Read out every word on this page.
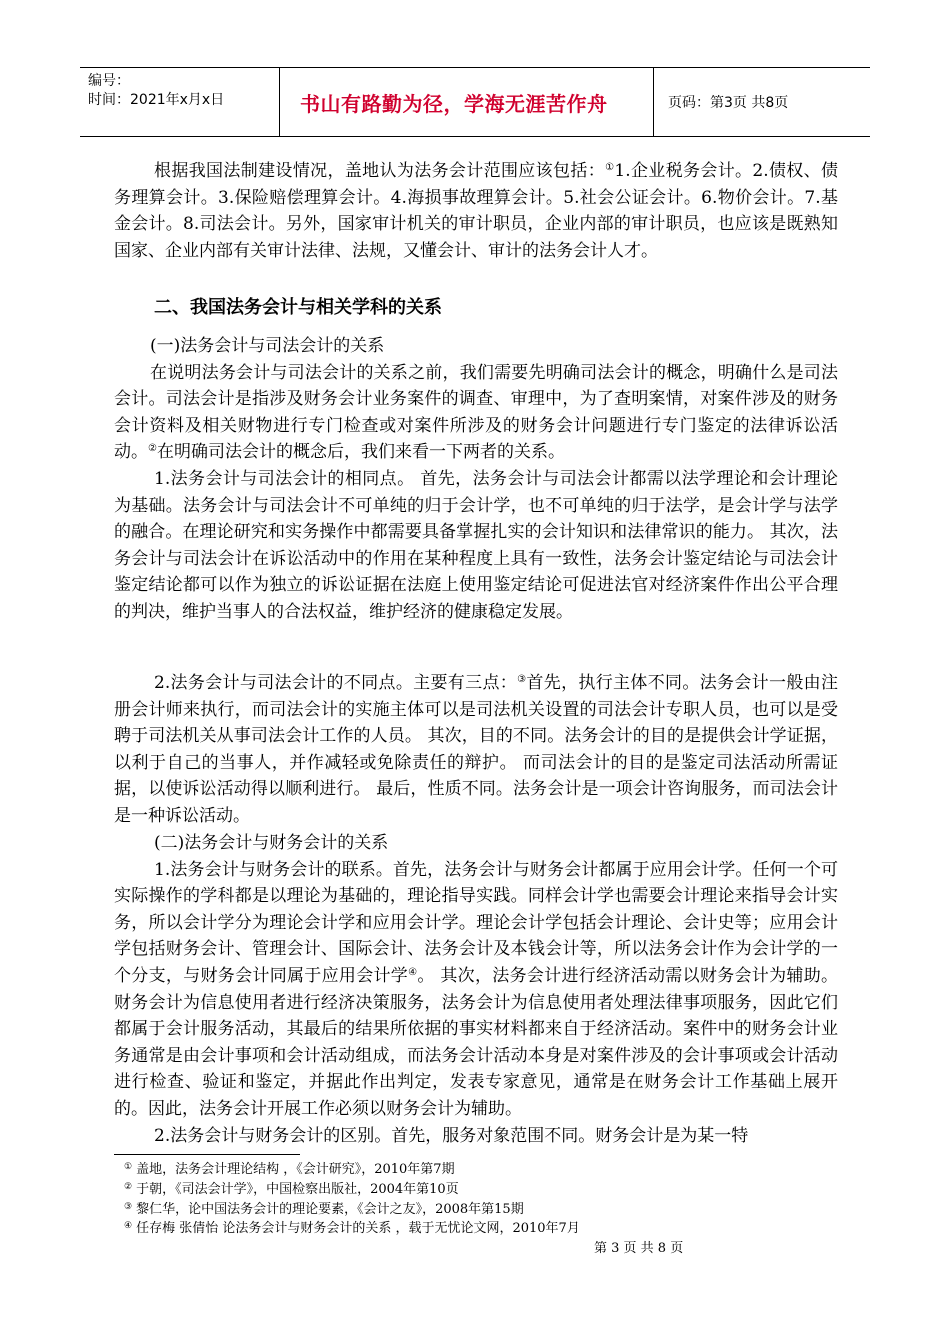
编号：
时间：2021年x月x日	书山有路勤为径，学海无涯苦作舟	页码：第3页 共8页

根据我国法制建设情况，盖地认为法务会计范围应该包括：①1.企业税务会计。2.债权、债务理算会计。3.保险赔偿理算会计。4.海损事故理算会计。5.社会公证会计。6.物价会计。7.基金会计。8.司法会计。另外，国家审计机关的审计职员，企业内部的审计职员，也应该是既熟知国家、企业内部有关审计法律、法规，又懂会计、审计的法务会计人才。

二、我国法务会计与相关学科的关系

(一)法务会计与司法会计的关系

在说明法务会计与司法会计的关系之前，我们需要先明确司法会计的概念，明确什么是司法会计。司法会计是指涉及财务会计业务案件的调查、审理中，为了查明案情，对案件涉及的财务会计资料及相关财物进行专门检查或对案件所涉及的财务会计问题进行专门鉴定的法律诉讼活动。②在明确司法会计的概念后，我们来看一下两者的关系。

1.法务会计与司法会计的相同点。 首先，法务会计与司法会计都需以法学理论和会计理论为基础。法务会计与司法会计不可单纯的归于会计学，也不可单纯的归于法学，是会计学与法学的融合。在理论研究和实务操作中都需要具备掌握扎实的会计知识和法律常识的能力。 其次，法务会计与司法会计在诉讼活动中的作用在某种程度上具有一致性，法务会计鉴定结论与司法会计鉴定结论都可以作为独立的诉讼证据在法庭上使用鉴定结论可促进法官对经济案件作出公平合理的判决，维护当事人的合法权益，维护经济的健康稳定发展。

2.法务会计与司法会计的不同点。主要有三点：③首先，执行主体不同。法务会计一般由注册会计师来执行，而司法会计的实施主体可以是司法机关设置的司法会计专职人员，也可以是受聘于司法机关从事司法会计工作的人员。 其次，目的不同。法务会计的目的是提供会计学证据，以利于自己的当事人，并作减轻或免除责任的辩护。 而司法会计的目的是鉴定司法活动所需证据，以使诉讼活动得以顺利进行。 最后，性质不同。法务会计是一项会计咨询服务，而司法会计是一种诉讼活动。

(二)法务会计与财务会计的关系

1.法务会计与财务会计的联系。首先，法务会计与财务会计都属于应用会计学。任何一个可实际操作的学科都是以理论为基础的，理论指导实践。同样会计学也需要会计理论来指导会计实务，所以会计学分为理论会计学和应用会计学。理论会计学包括会计理论、会计史等；应用会计学包括财务会计、管理会计、国际会计、法务会计及本钱会计等，所以法务会计作为会计学的一个分支，与财务会计同属于应用会计学④。 其次，法务会计进行经济活动需以财务会计为辅助。财务会计为信息使用者进行经济决策服务，法务会计为信息使用者处理法律事项服务，因此它们都属于会计服务活动，其最后的结果所依据的事实材料都来自于经济活动。案件中的财务会计业务通常是由会计事项和会计活动组成，而法务会计活动本身是对案件涉及的会计事项或会计活动进行检查、验证和鉴定，并据此作出判定，发表专家意见，通常是在财务会计工作基础上展开的。因此，法务会计开展工作必须以财务会计为辅助。

2.法务会计与财务会计的区别。首先，服务对象范围不同。财务会计是为某一特

① 盖地，法务会计理论结构 ，《会计研究》，2010年第7期
② 于朝，《司法会计学》，中国检察出版社，2004年第10页
③ 黎仁华，论中国法务会计的理论要素，《会计之友》，2008年第15期
④ 任存梅 张倩怡 论法务会计与财务会计的关系 ，载于无忧论文网，2010年7月
第 3 页 共 8 页
